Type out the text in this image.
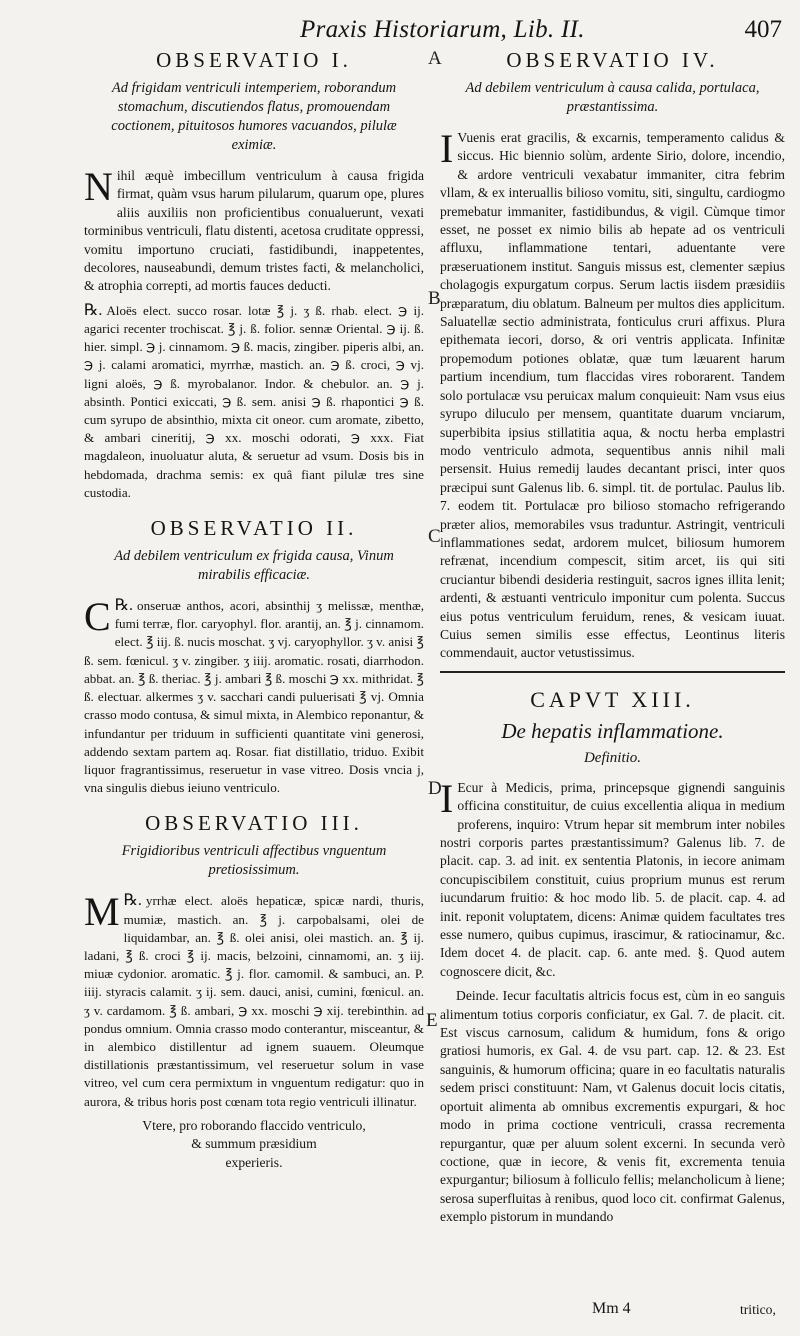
Praxis Historiarum, Lib. II.	407
A
B
C
D
E
OBSERVATIO I.
Ad frigidam ventriculi intemperiem, roborandum stomachum, discutiendos flatus, promouendam coctionem, pituitosos humores vacuandos, pilulæ eximiæ.

Nihil æquè imbecillum ventriculum à causa frigida firmat, quàm vsus harum pilularum, quarum ope, plures aliis auxiliis non proficientibus conualuerunt, vexati torminibus ventriculi, flatu distenti, acetosa cruditate oppressi, vomitu importuno cruciati, fastidibundi, inappetentes, decolores, nauseabundi, demum tristes facti, & melancholici, & atrophia correpti, ad mortis fauces deducti.

℞. Aloës elect. succo rosar. lotæ ℥ j. ʒ ß. rhab. elect. ℈ ij. agarici recenter trochiscat. ℥ j. ß. folior. sennæ Oriental. ℈ ij. ß. hier. simpl. ℈ j. cinnamom. ℈ ß. macis, zingiber. piperis albi, an. ℈ j. calami aromatici, myrrhæ, mastich. an. ℈ ß. croci, ℈ vj. ligni aloës, ℈ ß. myrobalanor. Indor. & chebulor. an. ℈ j. absinth. Pontici exiccati, ℈ ß. sem. anisi ℈ ß. rhapontici ℈ ß. cum syrupo de absinthio, mixta cit oneor. cum aromate, zibetto, & ambari cineritij, ℈ xx. moschi odorati, ℈ xxx. Fiat magdaleon, inuoluatur aluta, & seruetur ad vsum. Dosis bis in hebdomada, drachma semis: ex quâ fiant pilulæ tres sine custodia.

OBSERVATIO II.
Ad debilem ventriculum ex frigida causa, Vinum mirabilis efficaciæ.

℞.
C onseruæ anthos, acori, absinthij ʒ melissæ, menthæ, fumi terræ, flor. caryophyl. flor. arantij, an. ℥ j. cinnamom. elect. ℥ iij. ß. nucis moschat. ʒ vj. caryophyllor. ʒ v. anisi ℥ ß. sem. fœnicul. ʒ v. zingiber. ʒ iiij. aromatic. rosati, diarrhodon. abbat. an. ℥ ß. theriac. ℥ j. ambari ℥ ß. moschi ℈ xx. mithridat. ℥ ß. electuar. alkermes ʒ v. sacchari candi puluerisati ℥ vj. Omnia crasso modo contusa, & simul mixta, in Alembico reponantur, & infundantur per triduum in sufficienti quantitate vini generosi, addendo sextam partem aq. Rosar. fiat distillatio, triduo. Exibit liquor fragrantissimus, reseruetur in vase vitreo. Dosis vncia j, vna singulis diebus ieiuno ventriculo.

OBSERVATIO III.
Frigidioribus ventriculi affectibus vnguentum pretiosissimum.

℞.
M yrrhæ elect. aloës hepaticæ, spicæ nardi, thuris, mumiæ, mastich. an. ℥ j. carpobalsami, olei de liquidambar, an. ℥ ß. olei anisi, olei mastich. an. ℥ ij. ladani, ℥ ß. croci ℥ ij. macis, belzoini, cinnamomi, an. ʒ iij. miuæ cydonior. aromatic. ℥ j. flor. camomil. & sambuci, an. P. iiij. styracis calamit. ʒ ij. sem. dauci, anisi, cumini, fœnicul. an. ʒ v. cardamom. ℥ ß. ambari, ℈ xx. moschi ℈ xij. terebinthin. ad pondus omnium. Omnia crasso modo conterantur, misceantur, & in alembico distillentur ad ignem suauem. Oleumque distillationis præstantissimum, vel reseruetur solum in vase vitreo, vel cum cera permixtum in vnguentum redigatur: quo in aurora, & tribus horis post cœnam tota regio ventriculi illinatur.

Vtere, pro roborando flaccido ventriculo,

& summum præsidium

experieris.

OBSERVATIO IV.
Ad debilem ventriculum à causa calida, portulaca, præstantissima.

I Vuenis erat gracilis, & excarnis, temperamento calidus & siccus. Hic biennio solùm, ardente Sirio, dolore, incendio, & ardore ventriculi vexabatur immaniter, citra febrim vllam, & ex interuallis bilioso vomitu, siti, singultu, cardiogmo premebatur immaniter, fastidibundus, & vigil. Cùmque timor esset, ne posset ex nimio bilis ab hepate ad os ventriculi affluxu, inflammatione tentari, aduentante vere præseruationem institut. Sanguis missus est, clementer sæpius cholagogis expurgatum corpus. Serum lactis iisdem præsidiis præparatum, diu oblatum. Balneum per multos dies applicitum. Saluatellæ sectio administrata, fonticulus cruri affixus. Plura epithemata iecori, dorso, & ori ventris applicata. Infinitæ propemodum potiones oblatæ, quæ tum læuarent harum partium incendium, tum flaccidas vires roborarent. Tandem solo portulacæ vsu peruicax malum conquieuit: Nam vsus eius syrupo diluculo per mensem, quantitate duarum vnciarum, superbibita ipsius stillatitia aqua, & noctu herba emplastri modo ventriculo admota, sequentibus annis nihil mali persensit. Huius remedij laudes decantant prisci, inter quos præcipui sunt Galenus lib. 6. simpl. tit. de portulac. Paulus lib. 7. eodem tit. Portulacæ pro bilioso stomacho refrigerando præter alios, memorabiles vsus traduntur. Astringit, ventriculi inflammationes sedat, ardorem mulcet, biliosum humorem refrænat, incendium compescit, sitim arcet, iis qui siti cruciantur bibendi desideria restinguit, sacros ignes illita lenit; ardenti, & æstuanti ventriculo imponitur cum polenta. Succus eius potus ventriculum feruidum, renes, & vesicam iuuat. Cuius semen similis esse effectus, Leontinus literis commendauit, auctor vetustissimus.

CAPVT XIII.
De hepatis inflammatione.
Definitio.

I Ecur à Medicis, prima, princepsque gignendi sanguinis officina constituitur, de cuius excellentia aliqua in medium proferens, inquiro: Vtrum hepar sit membrum inter nobiles nostri corporis partes præstantissimum? Galenus lib. 7. de placit. cap. 3. ad init. ex sententia Platonis, in iecore animam concupiscibilem constituit, cuius proprium munus est rerum iucundarum fruitio: & hoc modo lib. 5. de placit. cap. 4. ad init. reponit voluptatem, dicens: Animæ quidem facultates tres esse numero, quibus cupimus, irascimur, & ratiocinamur, &c. Idem docet 4. de placit. cap. 6. ante med. §. Quod autem cognoscere dicit, &c.

Deinde. Iecur facultatis altricis focus est, cùm in eo sanguis alimentum totius corporis conficiatur, ex Gal. 7. de placit. cit. Est viscus carnosum, calidum & humidum, fons & origo gratiosi humoris, ex Gal. 4. de vsu part. cap. 12. & 23. Est sanguinis, & humorum officina; quare in eo facultatis naturalis sedem prisci constituunt: Nam, vt Galenus docuit locis citatis, oportuit alimenta ab omnibus excrementis expurgari, & hoc modo in prima coctione ventriculi, crassa recrementa repurgantur, quæ per aluum solent excerni. In secunda verò coctione, quæ in iecore, & venis fit, excrementa tenuia expurgantur; biliosum à folliculo fellis; melancholicum à liene; serosa superfluitas à renibus, quod loco cit. confirmat Galenus, exemplo pistorum in mundando

Mm 4	tritico,
